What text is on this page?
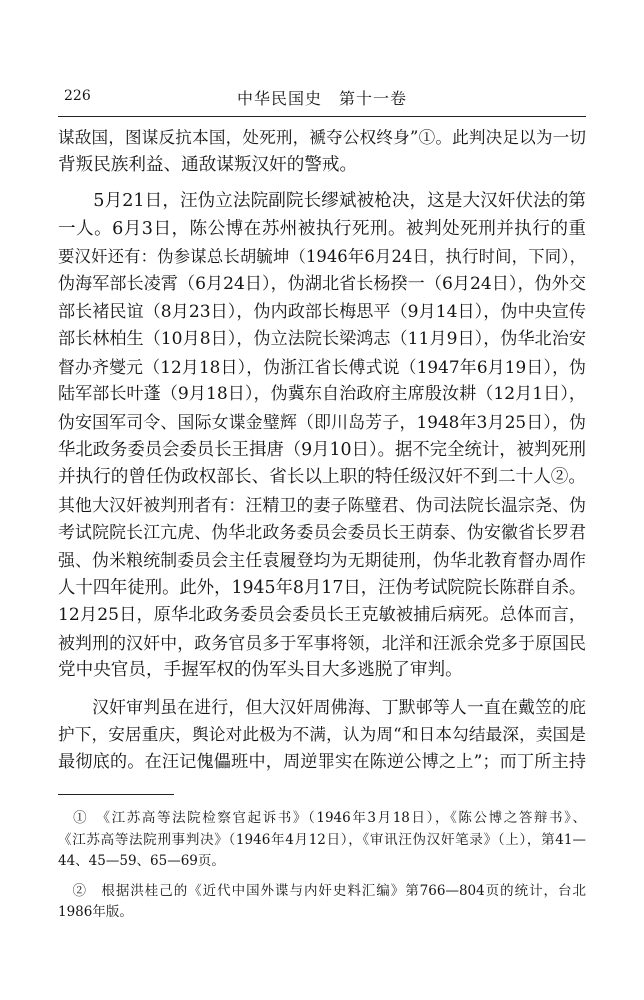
226	中华民国史　第十一卷
谋敌国，图谋反抗本国，处死刑，褫夺公权终身”①。此判决足以为一切
背叛民族利益、通敌谋叛汉奸的警戒。
　　5月21日，汪伪立法院副院长缪斌被枪决，这是大汉奸伏法的第
一人。6月3日，陈公博在苏州被执行死刑。被判处死刑并执行的重
要汉奸还有：伪参谋总长胡毓坤（1946年6月24日，执行时间，下同），
伪海军部长凌霄（6月24日），伪湖北省长杨揆一（6月24日），伪外交
部长褚民谊（8月23日），伪内政部长梅思平（9月14日），伪中央宣传
部长林柏生（10月8日），伪立法院长梁鸿志（11月9日），伪华北治安
督办齐燮元（12月18日），伪浙江省长傅式说（1947年6月19日），伪
陆军部长叶蓬（9月18日），伪冀东自治政府主席殷汝耕（12月1日），
伪安国军司令、国际女谍金璧辉（即川岛芳子，1948年3月25日），伪
华北政务委员会委员长王揖唐（9月10日）。据不完全统计，被判死刑
并执行的曾任伪政权部长、省长以上职的特任级汉奸不到二十人②。
其他大汉奸被判刑者有：汪精卫的妻子陈璧君、伪司法院长温宗尧、伪
考试院院长江亢虎、伪华北政务委员会委员长王荫泰、伪安徽省长罗君
强、伪米粮统制委员会主任袁履登均为无期徒刑，伪华北教育督办周作
人十四年徒刑。此外，1945年8月17日，汪伪考试院院长陈群自杀。
12月25日，原华北政务委员会委员长王克敏被捕后病死。总体而言，
被判刑的汉奸中，政务官员多于军事将领，北洋和汪派余党多于原国民
党中央官员，手握军权的伪军头目大多逃脱了审判。
　　汉奸审判虽在进行，但大汉奸周佛海、丁默邨等人一直在戴笠的庇
护下，安居重庆，舆论对此极为不满，认为周“和日本勾结最深，卖国是
最彻底的。在汪记傀儡班中，周逆罪实在陈逆公博之上”；而丁所主持
　①　《江苏高等法院检察官起诉书》（1946年3月18日），《陈公博之答辩书》、
《江苏高等法院刑事判决》（1946年4月12日），《审讯汪伪汉奸笔录》（上），第41—
44、45—59、65—69页。
　②　根据洪桂己的《近代中国外谍与内奸史料汇编》第766—804页的统计，台北
1986年版。
